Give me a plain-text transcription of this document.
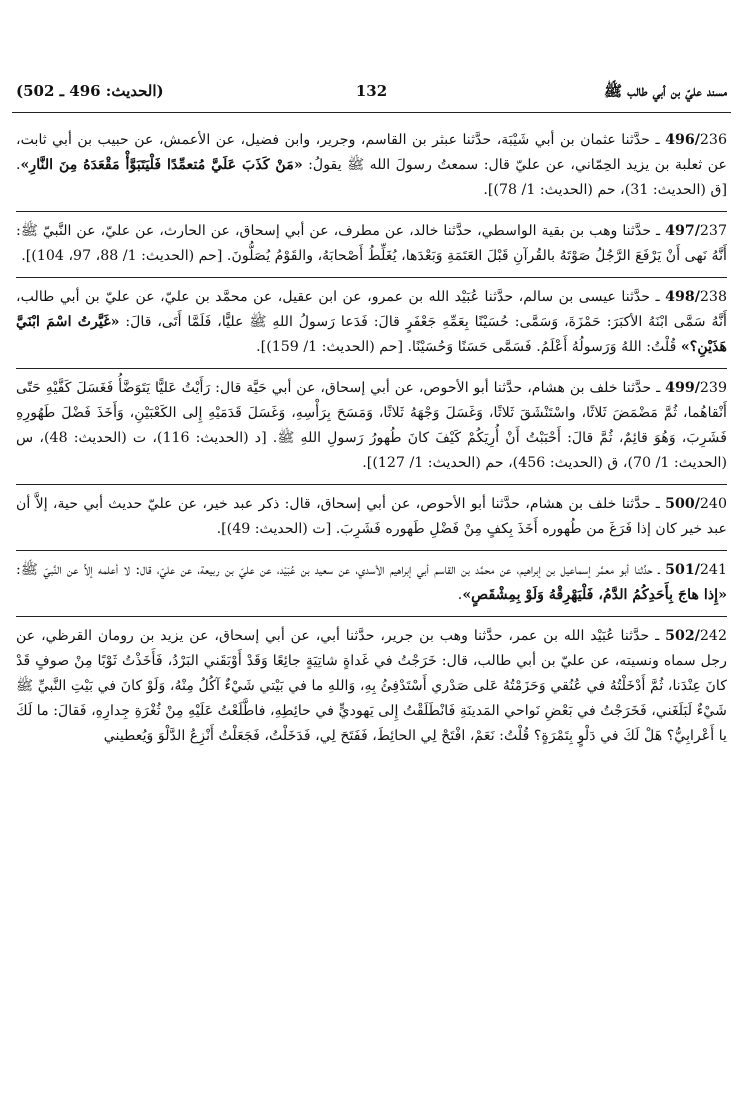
مسند عليّ بن أبي طالب ﷺ
132
(الحديث: 496 ـ 502)

496/236 ـ حدَّثنا عثمان بن أبي شَيْبَة، حدَّثنا عبثر بن القاسم، وجرير، وابن فضيل، عن الأعمش، عن حبيب بن أبي ثابت، عن ثعلبة بن يزيد الحِمّاني، عن عليّ قال: سمعتُ رسولَ الله ﷺ يقولُ: «مَنْ كَذَبَ عَلَيَّ مُتعمِّدًا فَلْيَتَبَوَّأْ مَقْعَدَهُ مِنَ النَّارِ». [ق (الحديث: 31)، حم (الحديث: 1/ 78)].

497/237 ـ حدَّثنا وهب بن بقية الواسطي، حدَّثنا خالد، عن مطرف، عن أبي إسحاق، عن الحارث، عن عليّ، عن النَّبيّ ﷺ: أَنَّهُ نَهى أَنْ يَرْفَعَ الرَّجُلُ صَوْتَهُ بالقُرآنِ قَبْلَ العَتَمَةِ وَبَعْدَها، يُغَلِّطُ أَصْحابَهُ، والقَوْمُ يُصَلُّونَ. [حم (الحديث: 1/ 88، 97، 104)].

498/238 ـ حدَّثنا عيسى بن سالم، حدَّثنا عُبَيْد الله بن عمرو، عن ابن عقيل، عن محمَّد بن عليّ، عن عليّ بن أبي طالب، أَنَّهُ سَمَّى ابْنَهُ الأكبَرَ: حَمْزَةَ، وَسَمَّى: حُسَيْنًا بِعَمِّهِ جَعْفَرٍ قالَ: فَدَعا رَسولُ اللهِ ﷺ عليًّا، فَلَمَّا أَتَى، قالَ: «غَيَّرتُ اسْمَ ابْنَيَّ هَذَيْنِ؟» قُلْتُ: اللهُ وَرَسولُهُ أَعْلَمُ. فَسَمَّى حَسَنًا وَحُسَيْنًا. [حم (الحديث: 1/ 159)].

499/239 ـ حدَّثنا خلف بن هشام، حدَّثنا أبو الأحوص، عن أبي إسحاق، عن أبي حَيَّة قال: رَأَيْتُ عَليًّا يَتَوَضَّأُ فَغَسَلَ كَفَّيْهِ حَتّى أَنْقاهُما، ثُمَّ مَضْمَضَ ثَلاثًا، واسْتَنْشَقَ ثَلاثًا، وَغَسَلَ وَجْهَهُ ثَلاثًا، وَمَسَحَ بِرَأْسِهِ، وَغَسَلَ قَدَمَيْهِ إِلى الكَعْبَيْنِ، وَأَخَذَ فَضْلَ طَهُورِهِ فَشَرِبَ، وَهُوَ قائِمٌ، ثُمَّ قالَ: أَحْبَبْتُ أَنْ أُرِيَكُمْ كَيْفَ كانَ طُهورُ رَسولِ اللهِ ﷺ. [د (الحديث: 116)، ت (الحديث: 48)، س (الحديث: 1/ 70)، ق (الحديث: 456)، حم (الحديث: 1/ 127)].

500/240 ـ حدَّثنا خلف بن هشام، حدَّثنا أبو الأحوص، عن أبي إسحاق، قال: ذكر عبد خير، عن عليّ حديث أبي حية، إلاَّ أن عبد خير كان إذا فَرَغَ من طُهوره أَخَذَ بِكفٍ مِنْ فَضْلِ طَهوره فَشَرِبَ. [ت (الحديث: 49)].

501/241 ـ حدَّثنا أبو معمَّر إسماعيل بن إبراهيم، عن محمَّد بن القاسم أبي إبراهيم الأسدي، عن سعيد بن عُبَيْد، عن عليّ بن ربيعة، عن عليّ، قال: لا أعلمه إلاَّ عن النَّبيّ ﷺ: «إِذا هاجَ بِأَحَدِكُمُ الدَّمُ، فَلْيَهْرِقْهُ وَلَوْ بِمِشْقَصٍ».

502/242 ـ حدَّثنا عُبَيْد الله بن عمر، حدَّثنا وهب بن جرير، حدَّثنا أبي، عن أبي إسحاق، عن يزيد بن رومان القرظي، عن رجل سماه ونسيته، عن عليّ بن أبي طالب، قال: خَرَجْتُ في غَداةٍ شاتِيَةٍ جائِعًا وَقَدْ أَوْبَقَني البَرْدُ، فَأَخَذْتُ ثَوْبًا مِنْ صوفٍ قَدْ كانَ عِنْدَنا، ثُمَّ أَدْخَلْتُهُ في عُنُقي وَحَزَمْتُهُ عَلى صَدْري أَسْتَدْفِئُ بِهِ، وَاللهِ ما في بَيْتي شَيْءٌ آكُلُ مِنْهُ، وَلَوْ كانَ في بَيْتِ النَّبيِّ ﷺ شَيْءٌ لَبَلَغَني، فَخَرَجْتُ في بَعْضِ نَواحي المَدينَةِ فَانْطَلَقْتُ إِلى يَهوديٍّ في حائِطِهِ، فاطَّلَعْتُ عَلَيْهِ مِنْ ثُغْرَةِ جِدارِهِ، فَقالَ: ما لَكَ يا أَعْرابِيُّ؟ هَلْ لَكَ في دَلْوٍ بِتَمْرَةٍ؟ قُلْتُ: نَعَمْ، افْتَحْ لِي الحائِطَ، فَفَتَحَ لِي، فَدَخَلْتُ، فَجَعَلْتُ أَنْزِعُ الدَّلْوَ وَيُعطيني
